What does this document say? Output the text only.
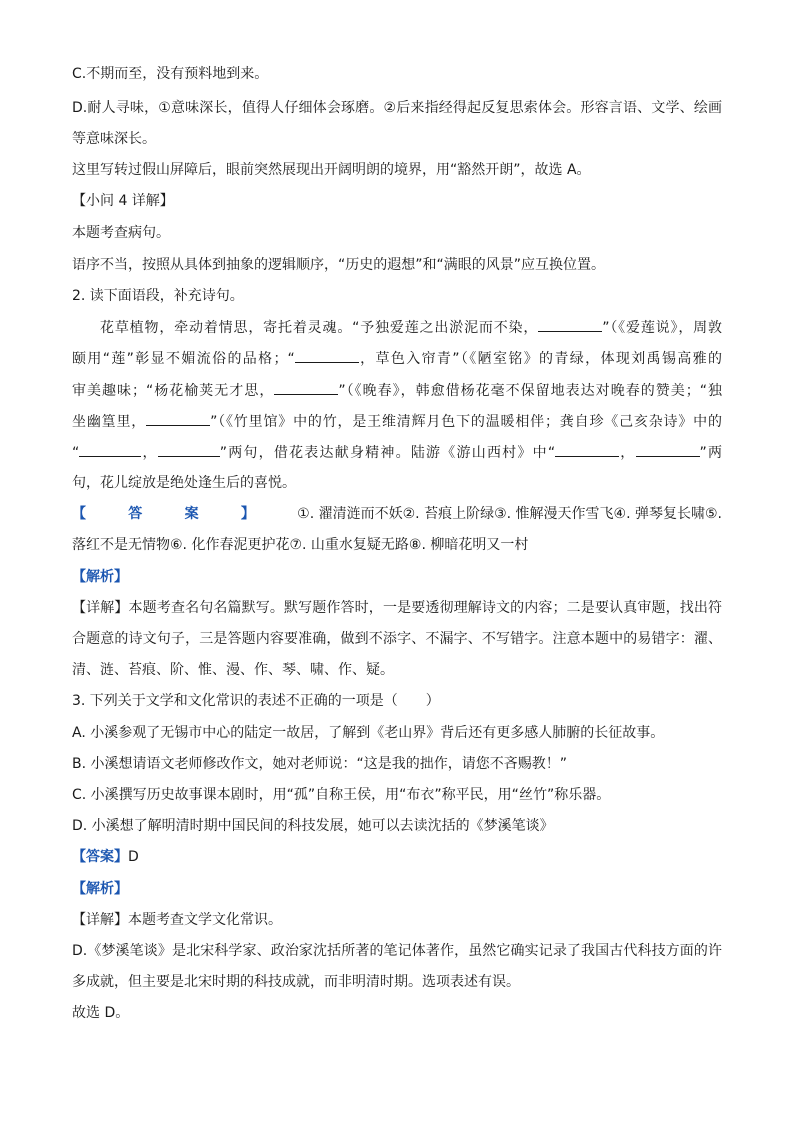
C.不期而至，没有预料地到来。
D.耐人寻味，①意味深长，值得人仔细体会琢磨。②后来指经得起反复思索体会。形容言语、文学、绘画
等意味深长。
这里写转过假山屏障后，眼前突然展现出开阔明朗的境界，用“豁然开朗”，故选 A。
【小问 4 详解】
本题考查病句。
语序不当，按照从具体到抽象的逻辑顺序，“历史的遐想”和“满眼的风景”应互换位置。
2. 读下面语段，补充诗句。
花草植物，牵动着情思，寄托着灵魂。“予独爱莲之出淤泥而不染，	”（《爱莲说》，周敦
颐用“莲”彰显不媚流俗的品格；“	，草色入帘青”（《陋室铭》的青绿，体现刘禹锡高雅的
审美趣味；“杨花榆荚无才思，	”（《晚春》，韩愈借杨花毫不保留地表达对晚春的赞美；“独
坐幽篁里，	”（《竹里馆》中的竹，是王维清辉月色下的温暖相伴；龚自珍《己亥杂诗》中的
“	，	”两句，借花表达献身精神。陆游《游山西村》中“	，	”两
句，花儿绽放是绝处逢生后的喜悦。
【答案】①. 濯清涟而不妖②. 苔痕上阶绿③. 惟解漫天作雪飞④. 弹琴复长啸⑤.
落红不是无情物⑥. 化作春泥更护花⑦. 山重水复疑无路⑧. 柳暗花明又一村
【解析】
【详解】本题考查名句名篇默写。默写题作答时，一是要透彻理解诗文的内容；二是要认真审题，找出符
合题意的诗文句子，三是答题内容要准确，做到不添字、不漏字、不写错字。注意本题中的易错字：濯、
清、涟、苔痕、阶、惟、漫、作、琴、啸、作、疑。
3. 下列关于文学和文化常识的表述不正确的一项是（　　）
A. 小溪参观了无锡市中心的陆定一故居，了解到《老山界》背后还有更多感人肺腑的长征故事。
B. 小溪想请语文老师修改作文，她对老师说：“这是我的拙作，请您不吝赐教！”
C. 小溪撰写历史故事课本剧时，用“孤”自称王侯，用“布衣”称平民，用“丝竹”称乐器。
D. 小溪想了解明清时期中国民间的科技发展，她可以去读沈括的《梦溪笔谈》
【答案】D
【解析】
【详解】本题考查文学文化常识。
D.《梦溪笔谈》是北宋科学家、政治家沈括所著的笔记体著作，虽然它确实记录了我国古代科技方面的许
多成就，但主要是北宋时期的科技成就，而非明清时期。选项表述有误。
故选 D。
